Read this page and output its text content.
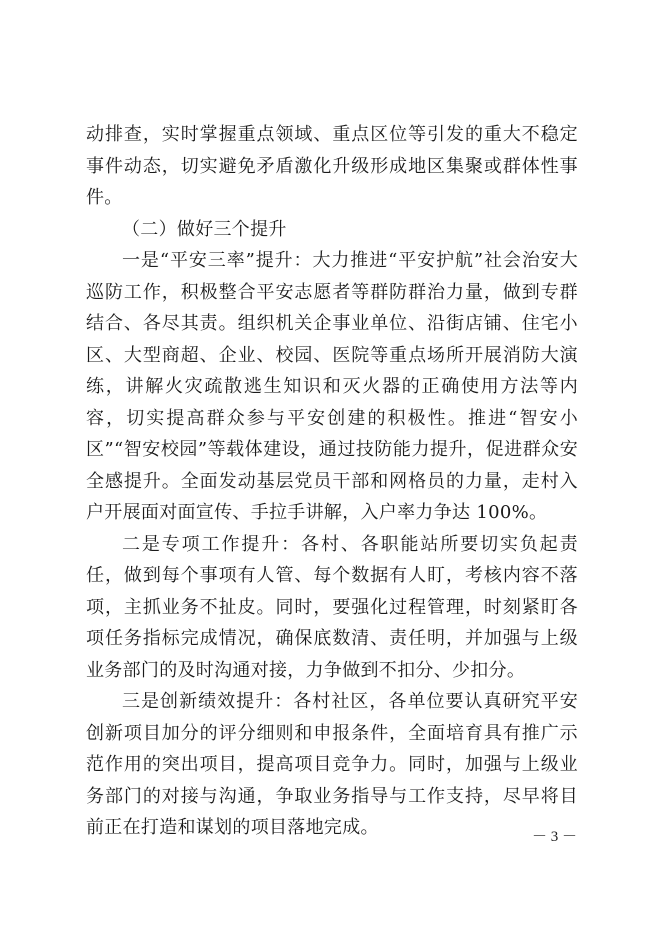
动排查，实时掌握重点领域、重点区位等引发的重大不稳定事件动态，切实避免矛盾激化升级形成地区集聚或群体性事件。

（二）做好三个提升

一是“平安三率”提升：大力推进“平安护航”社会治安大巡防工作，积极整合平安志愿者等群防群治力量，做到专群结合、各尽其责。组织机关企事业单位、沿街店铺、住宅小区、大型商超、企业、校园、医院等重点场所开展消防大演练，讲解火灾疏散逃生知识和灭火器的正确使用方法等内容，切实提高群众参与平安创建的积极性。推进“智安小区”“智安校园”等载体建设，通过技防能力提升，促进群众安全感提升。全面发动基层党员干部和网格员的力量，走村入户开展面对面宣传、手拉手讲解，入户率力争达 100%。

二是专项工作提升：各村、各职能站所要切实负起责任，做到每个事项有人管、每个数据有人盯，考核内容不落项，主抓业务不扯皮。同时，要强化过程管理，时刻紧盯各项任务指标完成情况，确保底数清、责任明，并加强与上级业务部门的及时沟通对接，力争做到不扣分、少扣分。

三是创新绩效提升：各村社区，各单位要认真研究平安创新项目加分的评分细则和申报条件，全面培育具有推广示范作用的突出项目，提高项目竞争力。同时，加强与上级业务部门的对接与沟通，争取业务指导与工作支持，尽早将目前正在打造和谋划的项目落地完成。	－ 3 －
